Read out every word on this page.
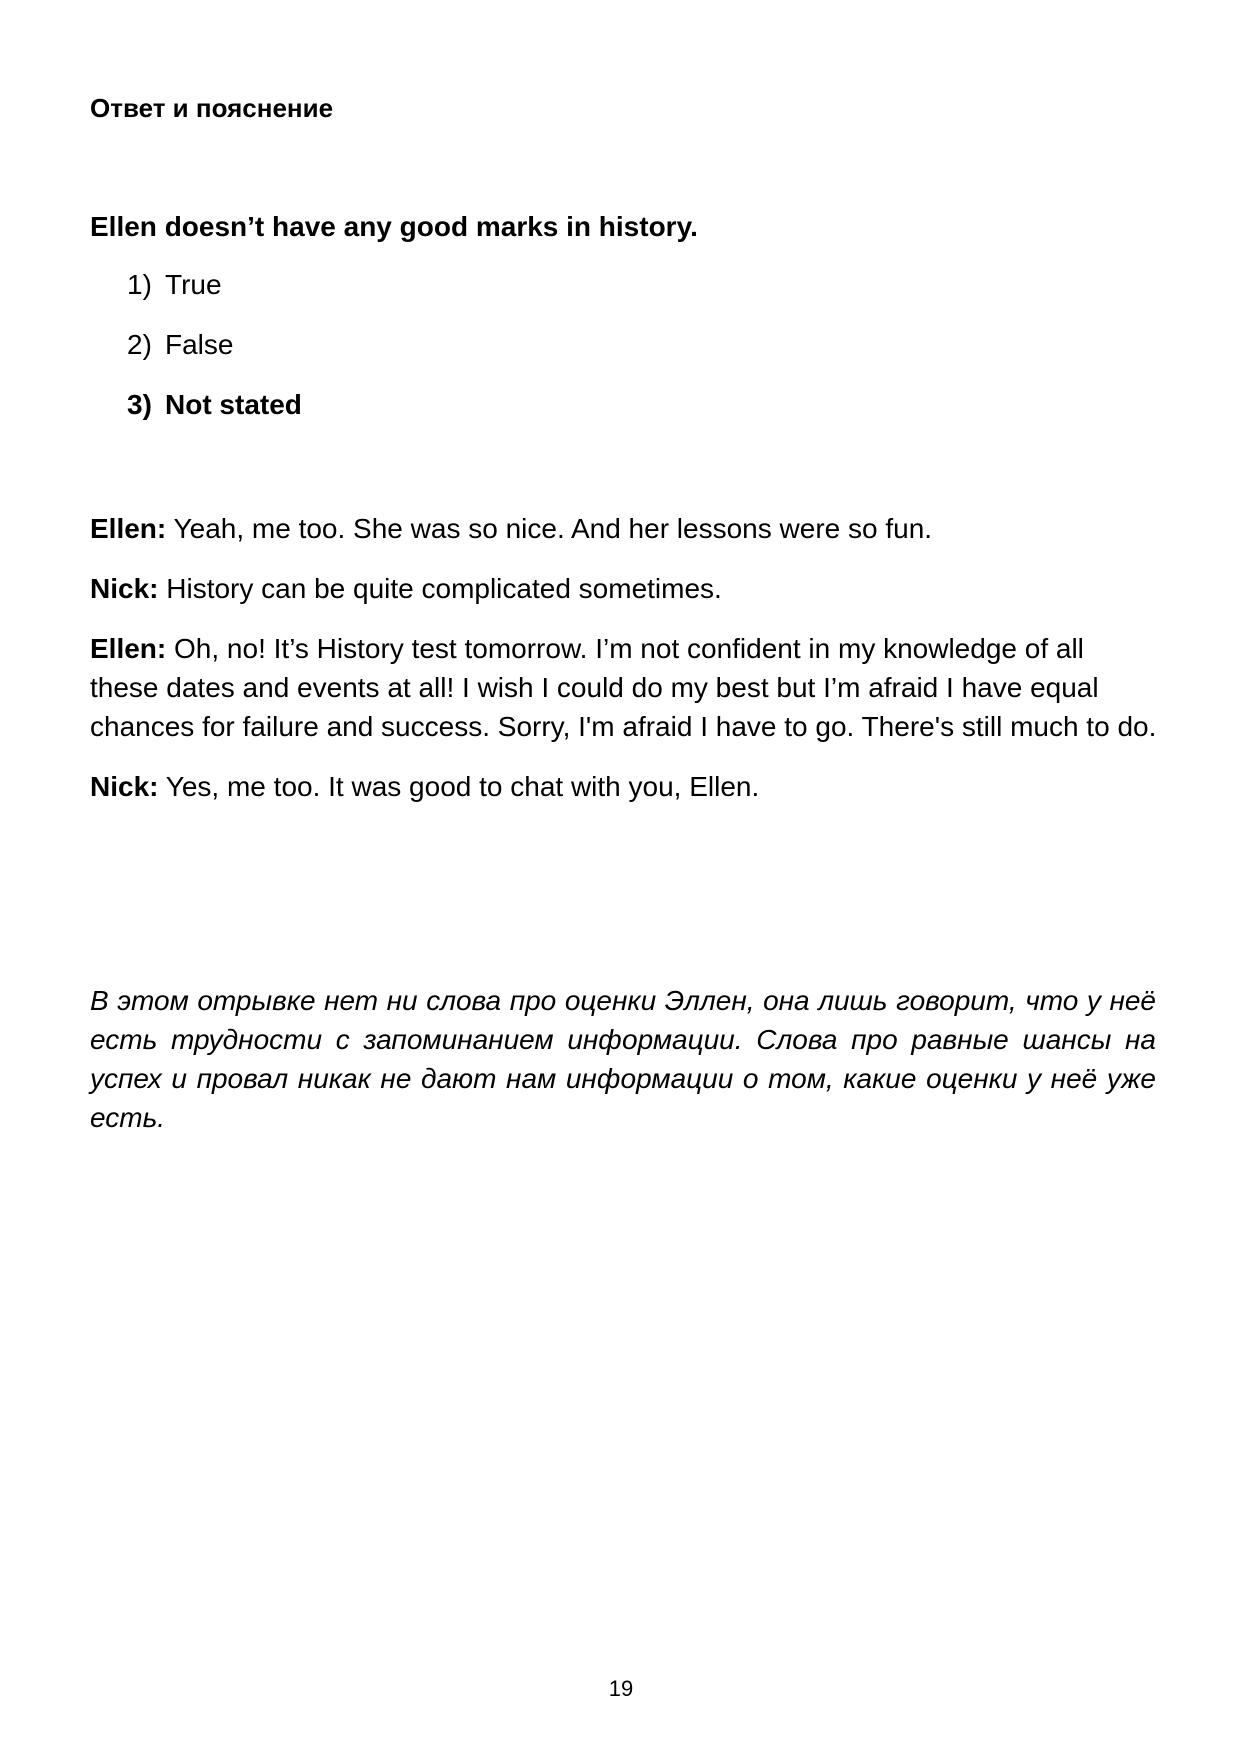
Ответ и пояснение

Ellen doesn’t have any good marks in history.

1) True
2) False
3) Not stated

Ellen: Yeah, me too. She was so nice. And her lessons were so fun.

Nick: History can be quite complicated sometimes.

Ellen: Oh, no! It’s History test tomorrow. I’m not confident in my knowledge of all these dates and events at all! I wish I could do my best but I’m afraid I have equal chances for failure and success. Sorry, I'm afraid I have to go. There's still much to do.

Nick: Yes, me too. It was good to chat with you, Ellen.

В этом отрывке нет ни слова про оценки Эллен, она лишь говорит, что у неё есть трудности с запоминанием информации. Слова про равные шансы на успех и провал никак не дают нам информации о том, какие оценки у неё уже есть.

19
